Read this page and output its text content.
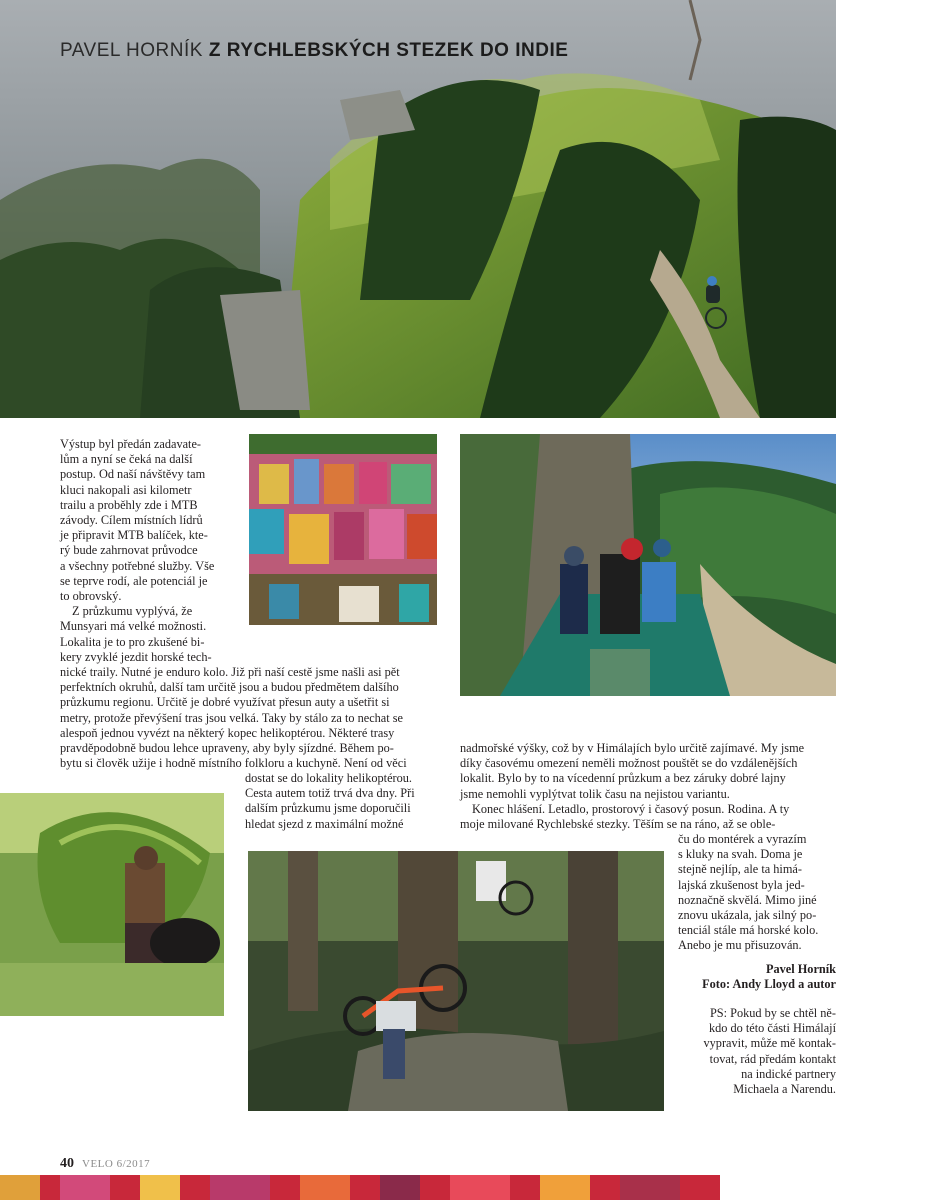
PAVEL HORNÍK Z RYCHLEBSKÝCH STEZEK DO INDIE

Výstup byl předán zadavate-

lům a nyní se čeká na další

postup. Od naší návštěvy tam

kluci nakopali asi kilometr

trailu a proběhly zde i MTB

závody. Cílem místních lídrů

je připravit MTB balíček, kte-

rý bude zahrnovat průvodce

a všechny potřebné služby. Vše

se teprve rodí, ale potenciál je

to obrovský.

Z průzkumu vyplývá, že

Munsyari má velké možnosti.

Lokalita je to pro zkušené bi-

kery zvyklé jezdit horské tech-

nické traily. Nutné je enduro kolo. Již při naší cestě jsme našli asi pět

perfektních okruhů, další tam určitě jsou a budou předmětem dalšího

průzkumu regionu. Určitě je dobré využívat přesun auty a ušetřit si

metry, protože převýšení tras jsou velká. Taky by stálo za to nechat se

alespoň jednou vyvézt na některý kopec helikoptérou. Některé trasy

pravděpodobně budou lehce upraveny, aby byly sjízdné. Během po-

bytu si člověk užije i hodně místního folkloru a kuchyně. Není od věci

dostat se do lokality helikoptérou.

Cesta autem totiž trvá dva dny. Při

dalším průzkumu jsme doporučili

hledat sjezd z maximální možné

nadmořské výšky, což by v Himálajích bylo určitě zajímavé. My jsme

díky časovému omezení neměli možnost pouštět se do vzdálenějších

lokalit. Bylo by to na vícedenní průzkum a bez záruky dobré lajny

jsme nemohli vyplýtvat tolik času na nejistou variantu.

Konec hlášení. Letadlo, prostorový i časový posun. Rodina. A ty

moje milované Rychlebské stezky. Těším se na ráno, až se oble-

ču do montérek a vyrazím

s kluky na svah. Doma je

stejně nejlíp, ale ta himá-

lajská zkušenost byla jed-

noznačně skvělá. Mimo jiné

znovu ukázala, jak silný po-

tenciál stále má horské kolo.

Anebo je mu přisuzován.

Pavel Horník

Foto: Andy Lloyd a autor

PS: Pokud by se chtěl ně-

kdo do této části Himálají

vypravit, může mě kontak-

tovat, rád předám kontakt

na indické partnery

Michaela a Narendu.

40 VELO 6/2017
